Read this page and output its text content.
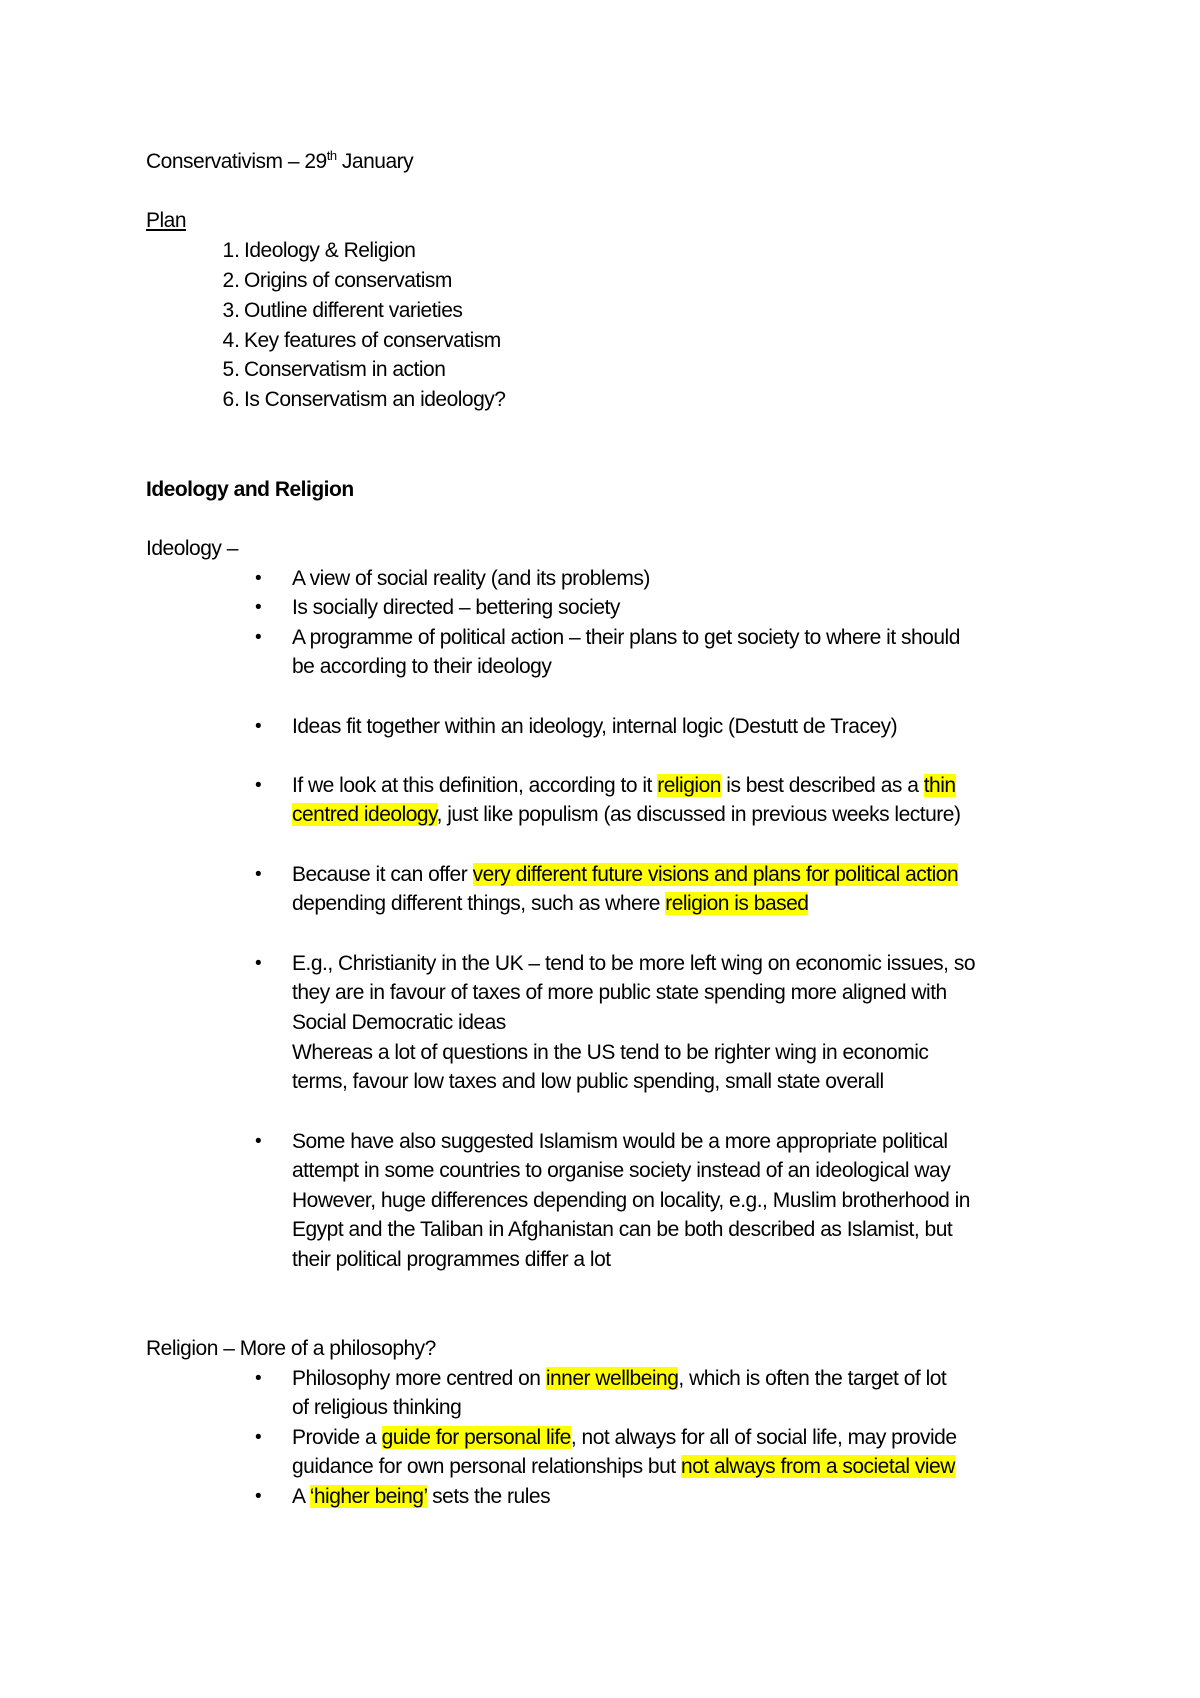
Conservativism – 29th January
Plan
1. Ideology & Religion
2. Origins of conservatism
3. Outline different varieties
4. Key features of conservatism
5. Conservatism in action
6. Is Conservatism an ideology?
Ideology and Religion
Ideology –
• A view of social reality (and its problems)
• Is socially directed – bettering society
• A programme of political action – their plans to get society to where it should
be according to their ideology
• Ideas fit together within an ideology, internal logic (Destutt de Tracey)
• If we look at this definition, according to it religion is best described as a thin
centred ideology, just like populism (as discussed in previous weeks lecture)
• Because it can offer very different future visions and plans for political action
depending different things, such as where religion is based
• E.g., Christianity in the UK – tend to be more left wing on economic issues, so
they are in favour of taxes of more public state spending more aligned with
Social Democratic ideas
Whereas a lot of questions in the US tend to be righter wing in economic
terms, favour low taxes and low public spending, small state overall
• Some have also suggested Islamism would be a more appropriate political
attempt in some countries to organise society instead of an ideological way
However, huge differences depending on locality, e.g., Muslim brotherhood in
Egypt and the Taliban in Afghanistan can be both described as Islamist, but
their political programmes differ a lot
Religion – More of a philosophy?
• Philosophy more centred on inner wellbeing, which is often the target of lot
of religious thinking
• Provide a guide for personal life, not always for all of social life, may provide
guidance for own personal relationships but not always from a societal view
• A ‘higher being’ sets the rules
